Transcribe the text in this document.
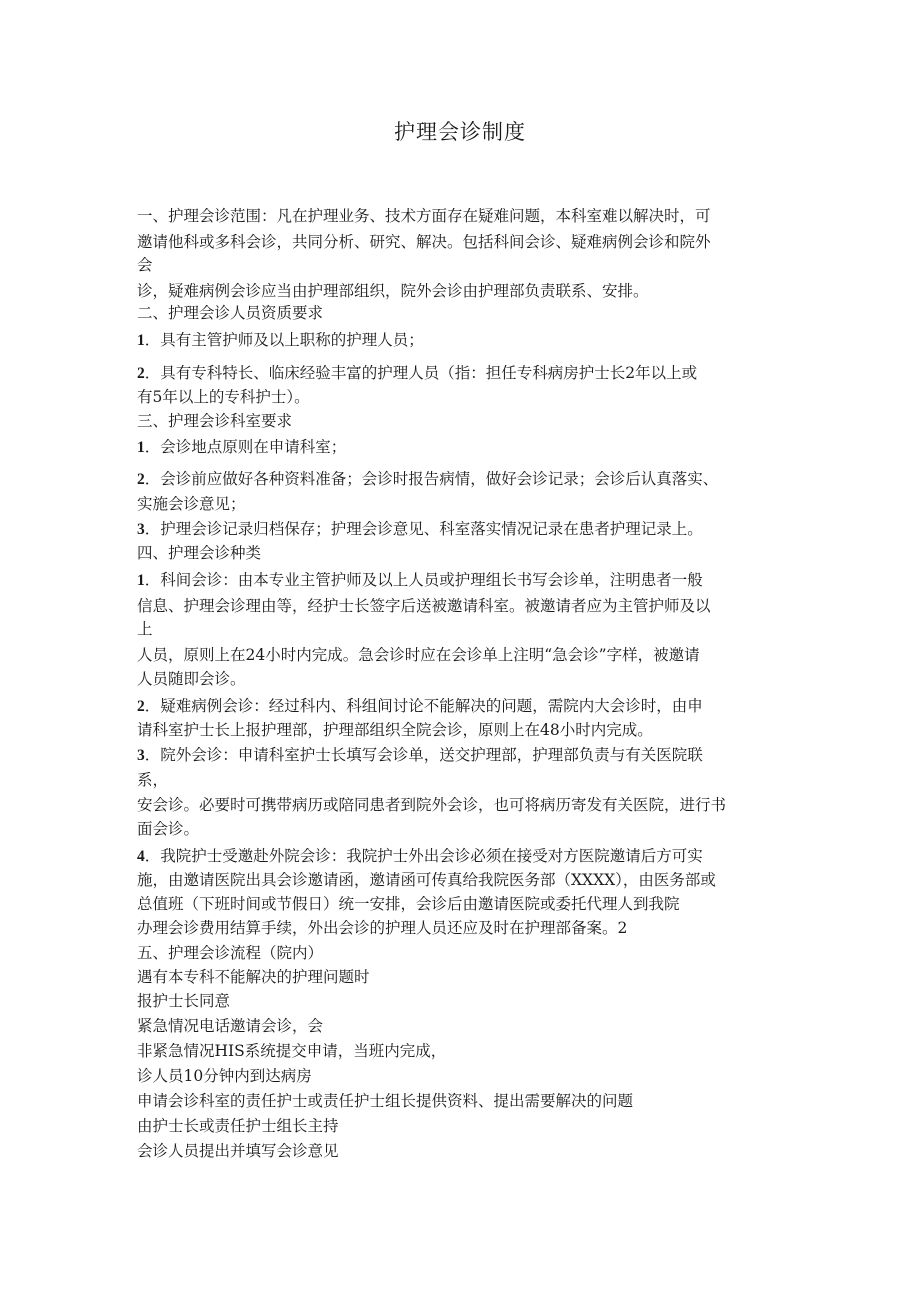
护理会诊制度
一、护理会诊范围：凡在护理业务、技术方面存在疑难问题，本科室难以解决时，可
邀请他科或多科会诊，共同分析、研究、解决。包括科间会诊、疑难病例会诊和院外
会
诊，疑难病例会诊应当由护理部组织，院外会诊由护理部负责联系、安排。
二、护理会诊人员资质要求
1．具有主管护师及以上职称的护理人员；
2．具有专科特长、临床经验丰富的护理人员（指：担任专科病房护士长2年以上或
有5年以上的专科护士）。
三、护理会诊科室要求
1．会诊地点原则在申请科室；
2．会诊前应做好各种资料准备；会诊时报告病情，做好会诊记录；会诊后认真落实、
实施会诊意见；
3．护理会诊记录归档保存；护理会诊意见、科室落实情况记录在患者护理记录上。
四、护理会诊种类
1．科间会诊：由本专业主管护师及以上人员或护理组长书写会诊单，注明患者一般
信息、护理会诊理由等，经护士长签字后送被邀请科室。被邀请者应为主管护师及以
上
人员，原则上在24小时内完成。急会诊时应在会诊单上注明“急会诊”字样，被邀请
人员随即会诊。
2．疑难病例会诊：经过科内、科组间讨论不能解决的问题，需院内大会诊时，由申
请科室护士长上报护理部，护理部组织全院会诊，原则上在48小时内完成。
3．院外会诊：申请科室护士长填写会诊单，送交护理部，护理部负责与有关医院联
系，
安会诊。必要时可携带病历或陪同患者到院外会诊，也可将病历寄发有关医院，进行书
面会诊。
4．我院护士受邀赴外院会诊：我院护士外出会诊必须在接受对方医院邀请后方可实
施，由邀请医院出具会诊邀请函，邀请函可传真给我院医务部（XXXX），由医务部或
总值班（下班时间或节假日）统一安排，会诊后由邀请医院或委托代理人到我院
办理会诊费用结算手续，外出会诊的护理人员还应及时在护理部备案。2
五、护理会诊流程（院内）
遇有本专科不能解决的护理问题时
报护士长同意
紧急情况电话邀请会诊，会
非紧急情况HIS系统提交申请，当班内完成，
诊人员10分钟内到达病房
申请会诊科室的责任护士或责任护士组长提供资料、提出需要解决的问题
由护士长或责任护士组长主持
会诊人员提出并填写会诊意见
